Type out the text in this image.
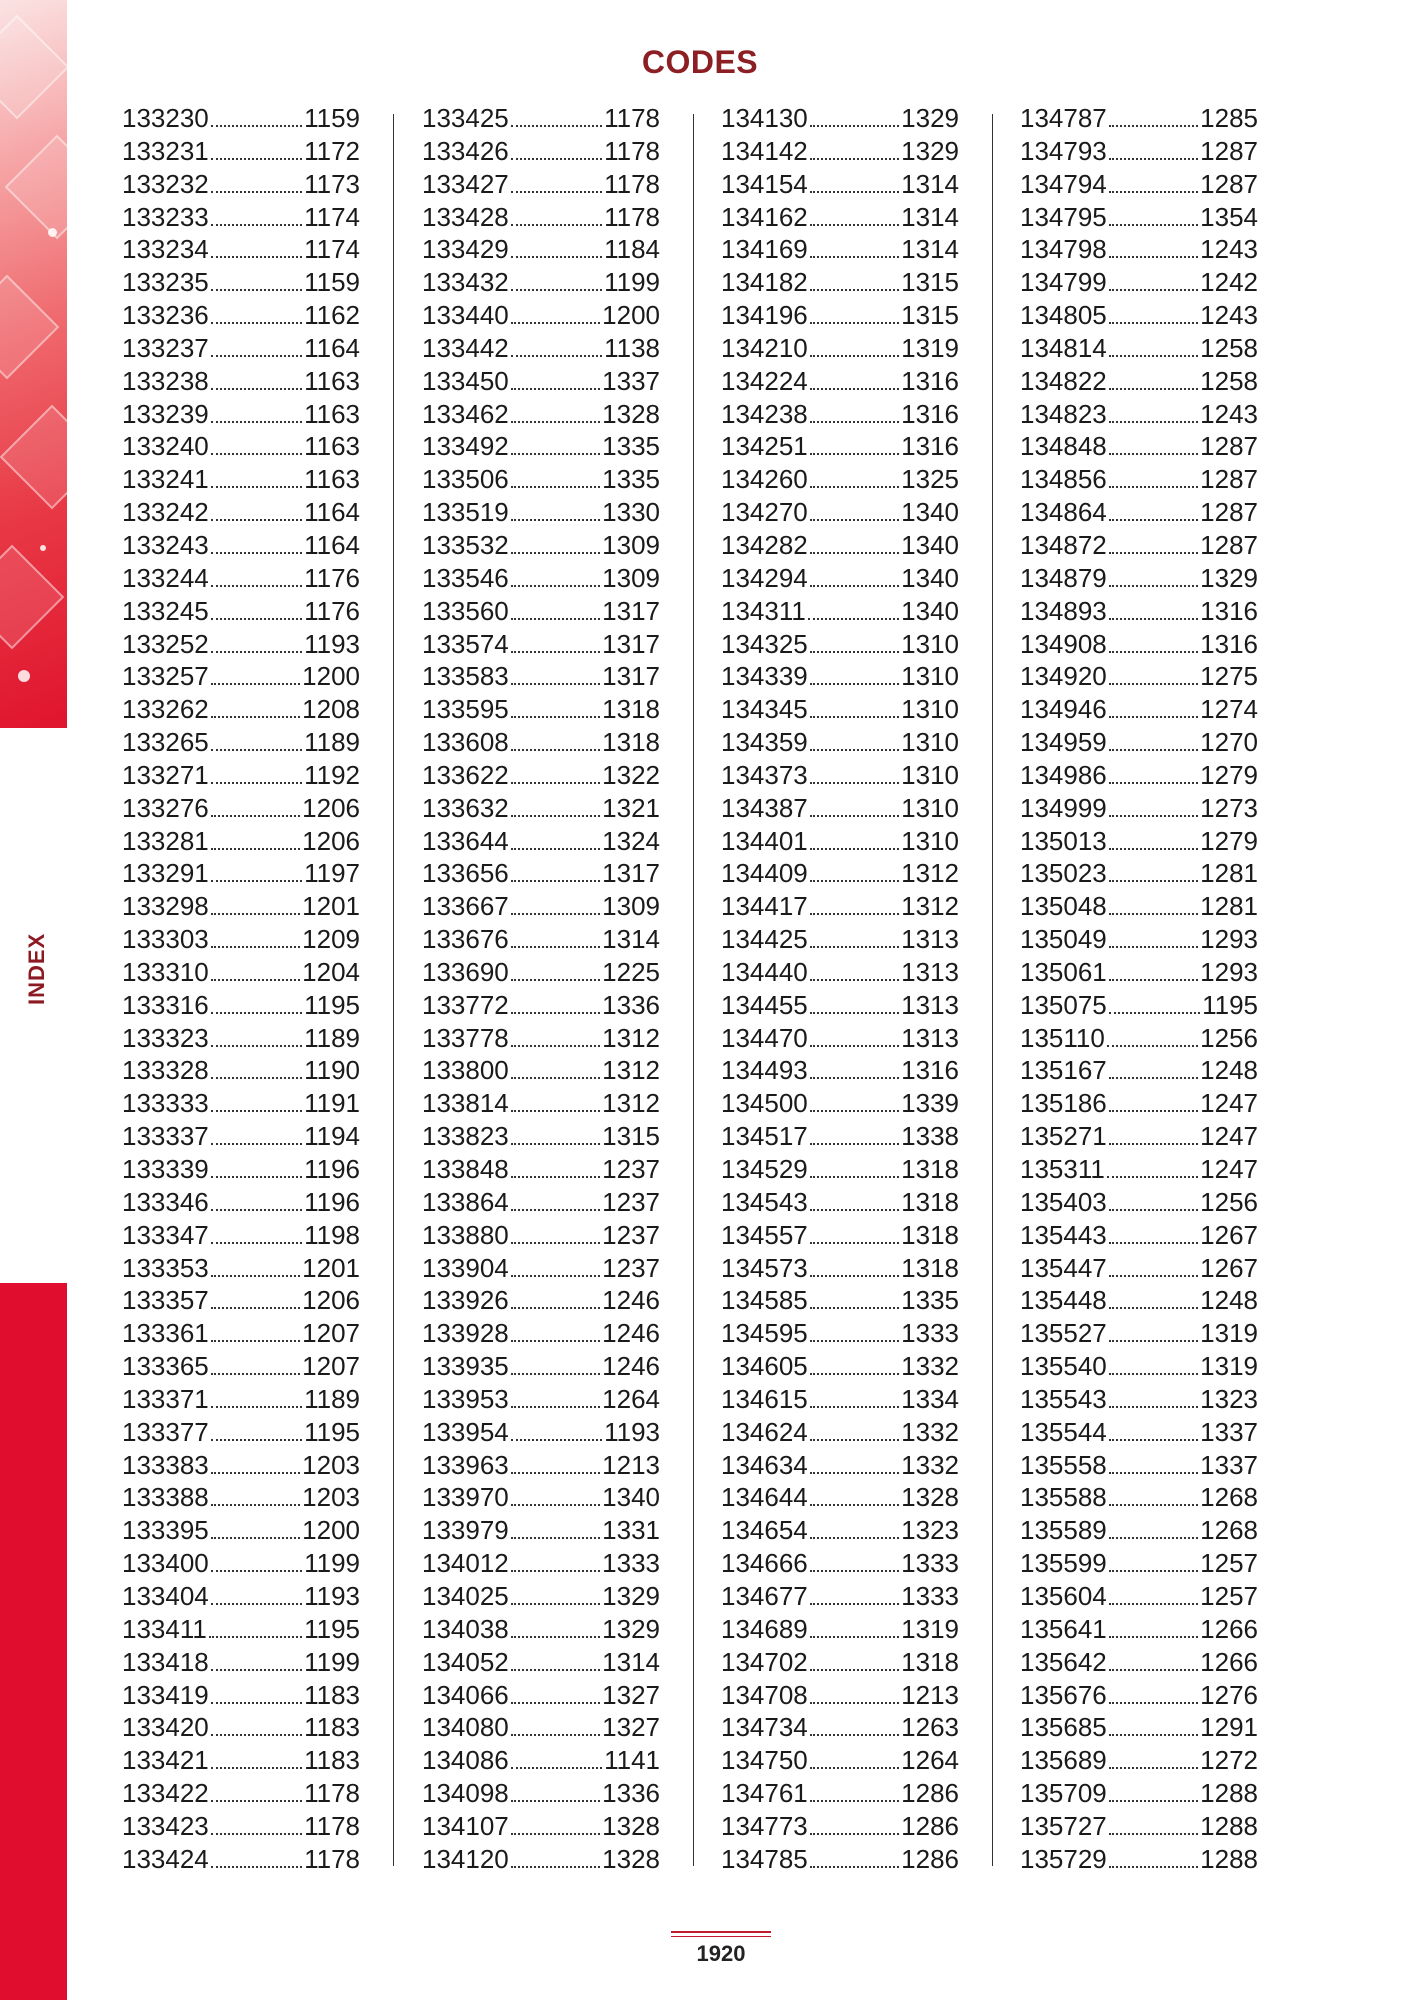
INDEX
CODES
133230	1159
133231	1172
133232	1173
133233	1174
133234	1174
133235	1159
133236	1162
133237	1164
133238	1163
133239	1163
133240	1163
133241	1163
133242	1164
133243	1164
133244	1176
133245	1176
133252	1193
133257	1200
133262	1208
133265	1189
133271	1192
133276	1206
133281	1206
133291	1197
133298	1201
133303	1209
133310	1204
133316	1195
133323	1189
133328	1190
133333	1191
133337	1194
133339	1196
133346	1196
133347	1198
133353	1201
133357	1206
133361	1207
133365	1207
133371	1189
133377	1195
133383	1203
133388	1203
133395	1200
133400	1199
133404	1193
133411	1195
133418	1199
133419	1183
133420	1183
133421	1183
133422	1178
133423	1178
133424	1178
133425	1178
133426	1178
133427	1178
133428	1178
133429	1184
133432	1199
133440	1200
133442	1138
133450	1337
133462	1328
133492	1335
133506	1335
133519	1330
133532	1309
133546	1309
133560	1317
133574	1317
133583	1317
133595	1318
133608	1318
133622	1322
133632	1321
133644	1324
133656	1317
133667	1309
133676	1314
133690	1225
133772	1336
133778	1312
133800	1312
133814	1312
133823	1315
133848	1237
133864	1237
133880	1237
133904	1237
133926	1246
133928	1246
133935	1246
133953	1264
133954	1193
133963	1213
133970	1340
133979	1331
134012	1333
134025	1329
134038	1329
134052	1314
134066	1327
134080	1327
134086	1141
134098	1336
134107	1328
134120	1328
134130	1329
134142	1329
134154	1314
134162	1314
134169	1314
134182	1315
134196	1315
134210	1319
134224	1316
134238	1316
134251	1316
134260	1325
134270	1340
134282	1340
134294	1340
134311	1340
134325	1310
134339	1310
134345	1310
134359	1310
134373	1310
134387	1310
134401	1310
134409	1312
134417	1312
134425	1313
134440	1313
134455	1313
134470	1313
134493	1316
134500	1339
134517	1338
134529	1318
134543	1318
134557	1318
134573	1318
134585	1335
134595	1333
134605	1332
134615	1334
134624	1332
134634	1332
134644	1328
134654	1323
134666	1333
134677	1333
134689	1319
134702	1318
134708	1213
134734	1263
134750	1264
134761	1286
134773	1286
134785	1286
134787	1285
134793	1287
134794	1287
134795	1354
134798	1243
134799	1242
134805	1243
134814	1258
134822	1258
134823	1243
134848	1287
134856	1287
134864	1287
134872	1287
134879	1329
134893	1316
134908	1316
134920	1275
134946	1274
134959	1270
134986	1279
134999	1273
135013	1279
135023	1281
135048	1281
135049	1293
135061	1293
135075	1195
135110	1256
135167	1248
135186	1247
135271	1247
135311	1247
135403	1256
135443	1267
135447	1267
135448	1248
135527	1319
135540	1319
135543	1323
135544	1337
135558	1337
135588	1268
135589	1268
135599	1257
135604	1257
135641	1266
135642	1266
135676	1276
135685	1291
135689	1272
135709	1288
135727	1288
135729	1288
1920
